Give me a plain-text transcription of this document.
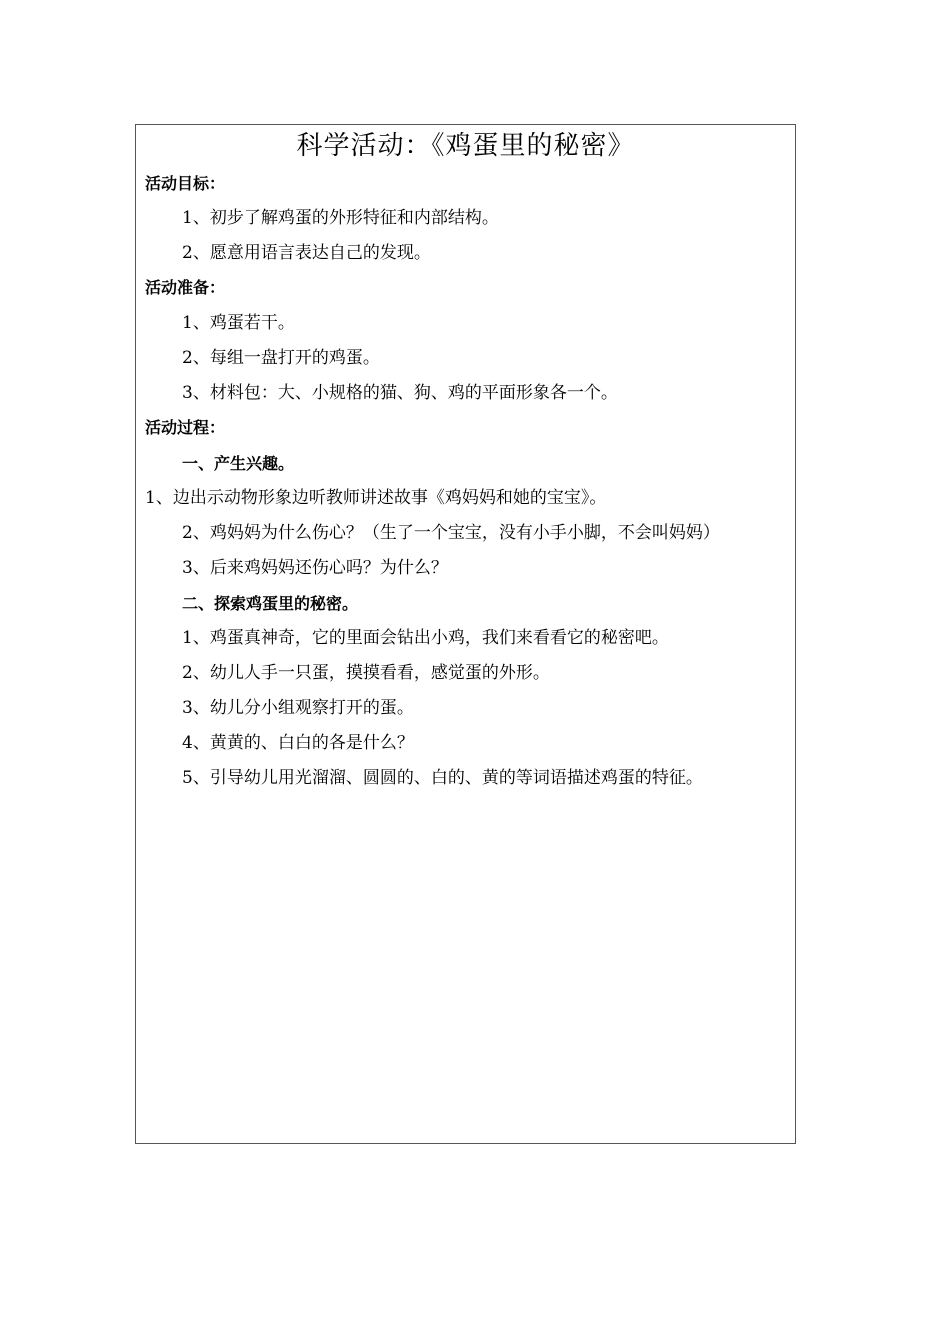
科学活动：《鸡蛋里的秘密》
活动目标：
1、初步了解鸡蛋的外形特征和内部结构。
2、愿意用语言表达自己的发现。
活动准备：
1、鸡蛋若干。
2、每组一盘打开的鸡蛋。
3、材料包：大、小规格的猫、狗、鸡的平面形象各一个。
活动过程：
一、产生兴趣。
1、边出示动物形象边听教师讲述故事《鸡妈妈和她的宝宝》。
2、鸡妈妈为什么伤心？（生了一个宝宝，没有小手小脚，不会叫妈妈）
3、后来鸡妈妈还伤心吗？为什么？
二、探索鸡蛋里的秘密。
1、鸡蛋真神奇，它的里面会钻出小鸡，我们来看看它的秘密吧。
2、幼儿人手一只蛋，摸摸看看，感觉蛋的外形。
3、幼儿分小组观察打开的蛋。
4、黄黄的、白白的各是什么？
5、引导幼儿用光溜溜、圆圆的、白的、黄的等词语描述鸡蛋的特征。
